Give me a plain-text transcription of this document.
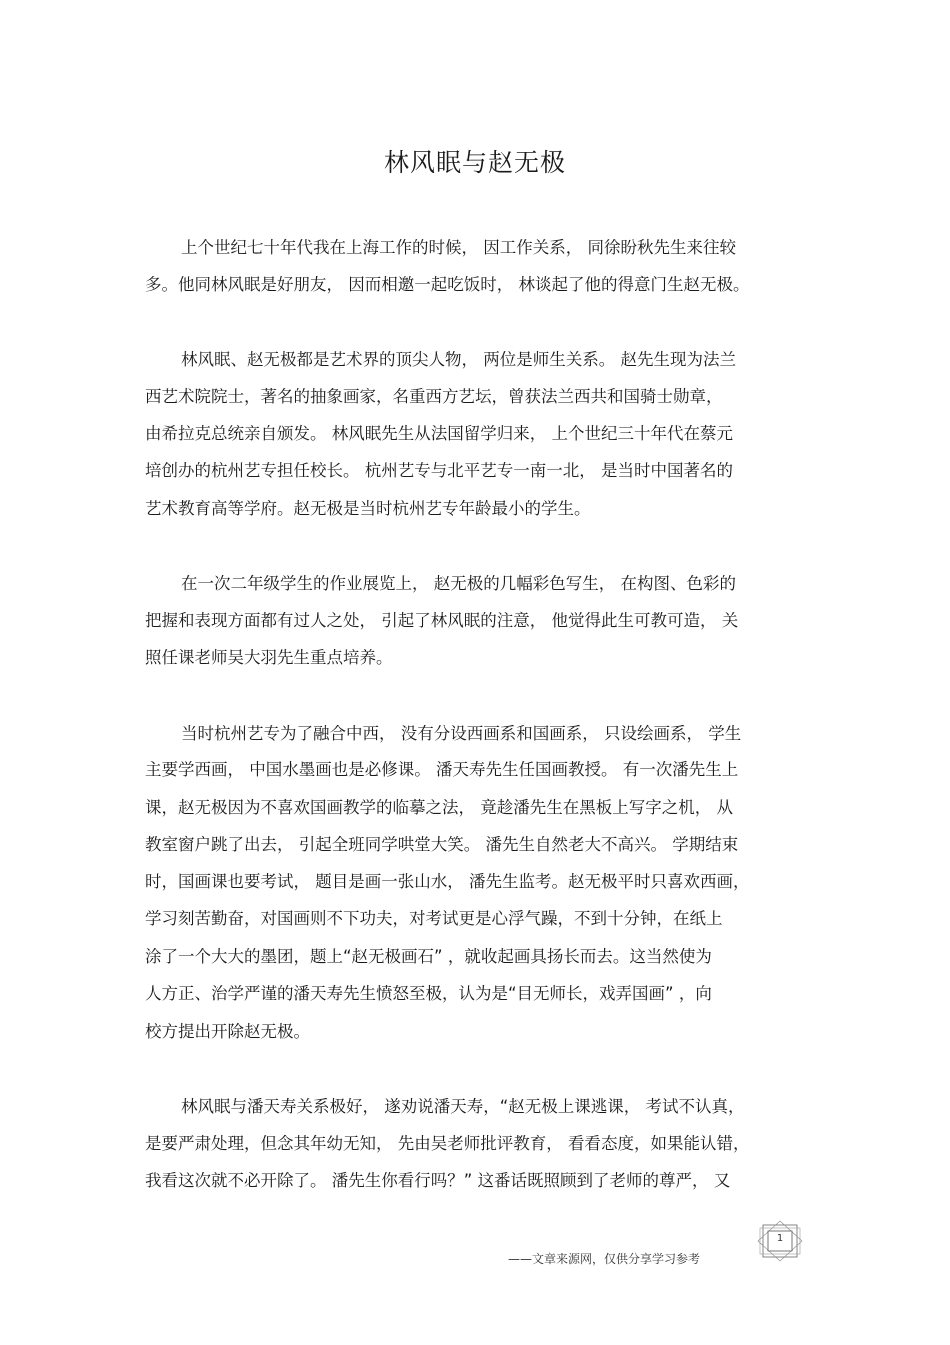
林风眠与赵无极
上个世纪七十年代我在上海工作的时候， 因工作关系， 同徐盼秋先生来往较
多。他同林风眠是好朋友， 因而相邀一起吃饭时， 林谈起了他的得意门生赵无极。
林风眠、赵无极都是艺术界的顶尖人物， 两位是师生关系。 赵先生现为法兰
西艺术院院士，著名的抽象画家，名重西方艺坛，曾获法兰西共和国骑士勋章，
由希拉克总统亲自颁发。 林风眠先生从法国留学归来， 上个世纪三十年代在蔡元
培创办的杭州艺专担任校长。 杭州艺专与北平艺专一南一北， 是当时中国著名的
艺术教育高等学府。赵无极是当时杭州艺专年龄最小的学生。
在一次二年级学生的作业展览上， 赵无极的几幅彩色写生， 在构图、色彩的
把握和表现方面都有过人之处， 引起了林风眠的注意， 他觉得此生可教可造， 关
照任课老师吴大羽先生重点培养。
当时杭州艺专为了融合中西， 没有分设西画系和国画系， 只设绘画系， 学生
主要学西画， 中国水墨画也是必修课。 潘天寿先生任国画教授。 有一次潘先生上
课，赵无极因为不喜欢国画教学的临摹之法， 竟趁潘先生在黑板上写字之机， 从
教室窗户跳了出去， 引起全班同学哄堂大笑。 潘先生自然老大不高兴。 学期结束
时，国画课也要考试， 题目是画一张山水， 潘先生监考。赵无极平时只喜欢西画，
学习刻苦勤奋，对国画则不下功夫，对考试更是心浮气躁，不到十分钟，在纸上
涂了一个大大的墨团，题上“赵无极画石” ，就收起画具扬长而去。这当然使为
人方正、治学严谨的潘天寿先生愤怒至极，认为是“目无师长，戏弄国画” ，向
校方提出开除赵无极。
林风眠与潘天寿关系极好， 遂劝说潘天寿，“赵无极上课逃课， 考试不认真，
是要严肃处理，但念其年幼无知， 先由吴老师批评教育， 看看态度，如果能认错，
我看这次就不必开除了。 潘先生你看行吗？” 这番话既照顾到了老师的尊严， 又
——文章来源网，仅供分享学习参考
1
